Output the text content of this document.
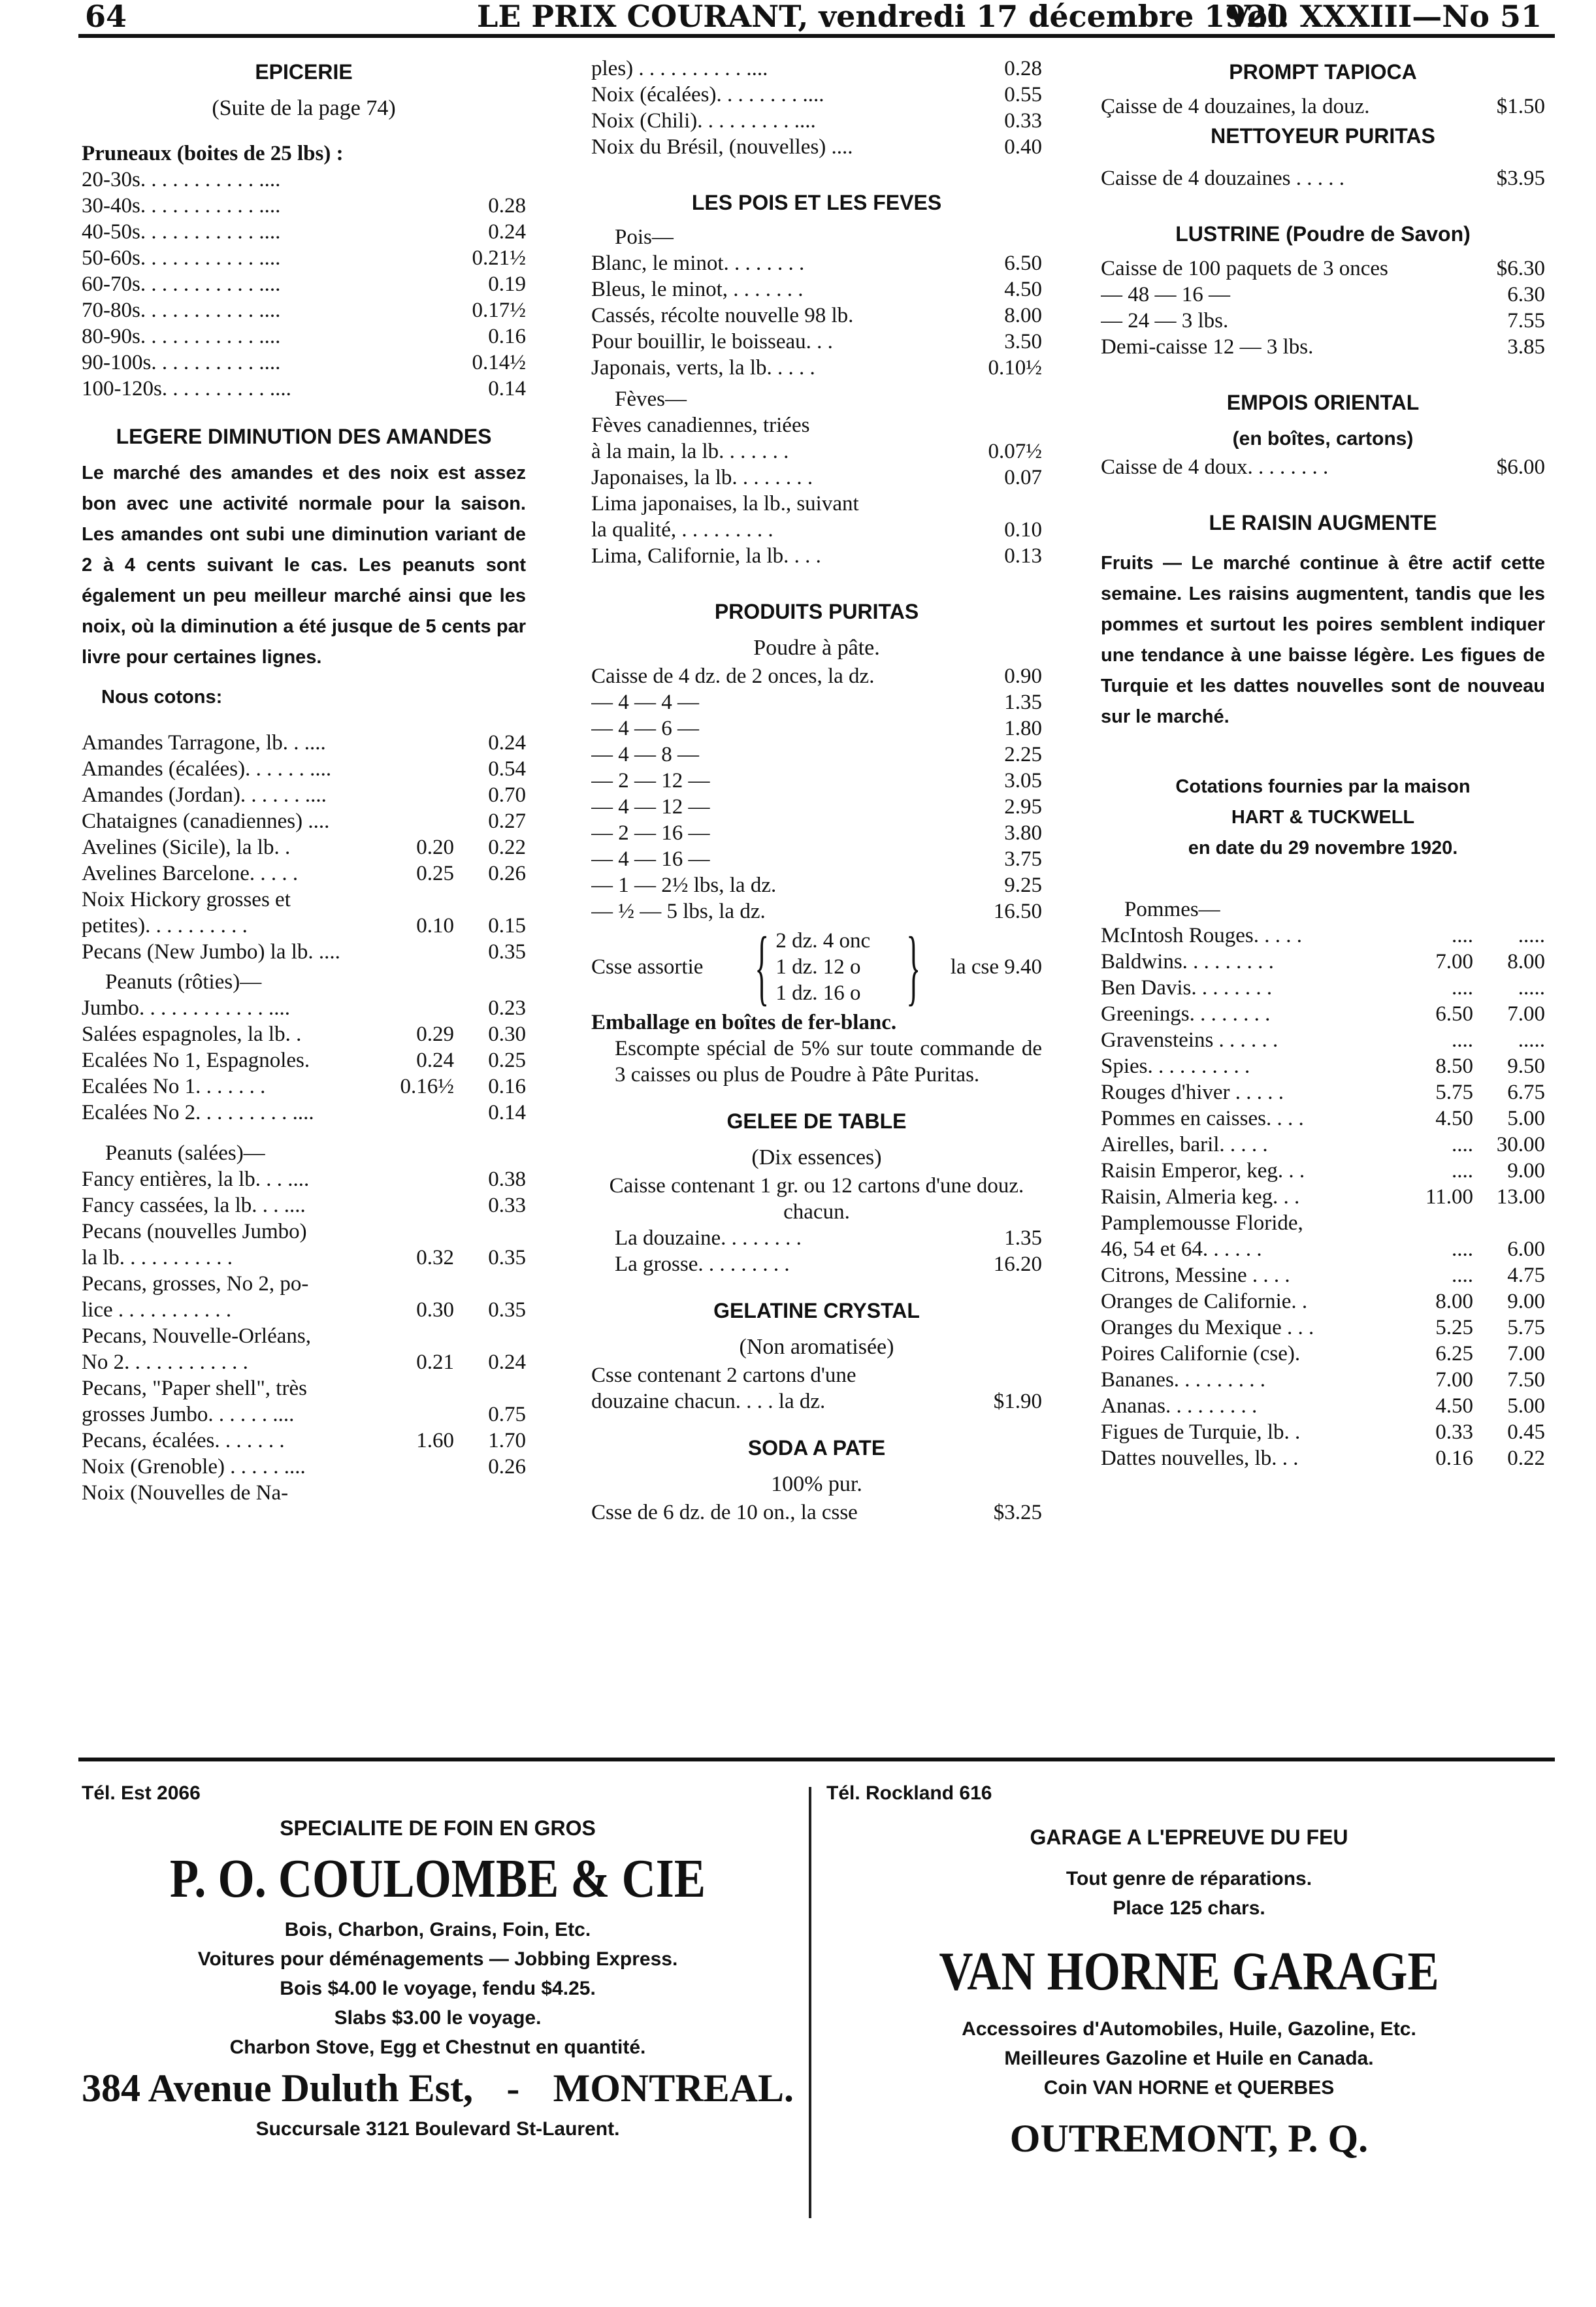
64	LE PRIX COURANT, vendredi 17 décembre 1920
Vol. XXXIII—No 51
EPICERIE
(Suite de la page 74)
Pruneaux (boites de 25 lbs) :
20-30s. . . . . . . . . . . ....
30-40s. . . . . . . . . . . ....	0.28
40-50s. . . . . . . . . . . ....	0.24
50-60s. . . . . . . . . . . ....	0.21½
60-70s. . . . . . . . . . . ....	0.19
70-80s. . . . . . . . . . . ....	0.17½
80-90s. . . . . . . . . . . ....	0.16
90-100s. . . . . . . . . . ....	0.14½
100-120s. . . . . . . . . . ....	0.14
LEGERE DIMINUTION DES AMANDES
Le marché des amandes et des noix est assez bon avec une activité normale pour la saison. Les amandes ont subi une diminution variant de 2 à 4 cents suivant le cas. Les peanuts sont également un peu meilleur marché ainsi que les noix, où la diminution a été jusque de 5 cents par livre pour certaines lignes.
Nous cotons:
Amandes Tarragone, lb. . ....	0.24
Amandes (écalées). . . . . . ....	0.54
Amandes (Jordan). . . . . . ....	0.70
Chataignes (canadiennes) ....	0.27
Avelines (Sicile), la lb. .	0.20	0.22
Avelines Barcelone. . . . .	0.25	0.26
Noix Hickory grosses et
petites). . . . . . . . . .	0.10	0.15
Pecans (New Jumbo) la lb. ....	0.35
Peanuts (rôties)—
Jumbo. . . . . . . . . . . . ....	0.23
Salées espagnoles, la lb. .	0.29	0.30
Ecalées No 1, Espagnoles.	0.24	0.25
Ecalées No 1. . . . . . .	0.16½	0.16
Ecalées No 2. . . . . . . . . ....	0.14
Peanuts (salées)—
Fancy entières, la lb. . . ....	0.38
Fancy cassées, la lb. . . ....	0.33
Pecans (nouvelles Jumbo)
la lb. . . . . . . . . . .	0.32	0.35
Pecans, grosses, No 2, po-
lice . . . . . . . . . . .	0.30	0.35
Pecans, Nouvelle-Orléans,
No 2. . . . . . . . . . . .	0.21	0.24
Pecans, "Paper shell", très
grosses Jumbo. . . . . . ....	0.75
Pecans, écalées. . . . . . .	1.60	1.70
Noix (Grenoble) . . . . . ....	0.26
Noix (Nouvelles de Na-
ples) . . . . . . . . . . ....	0.28
Noix (écalées). . . . . . . . ....	0.55
Noix (Chili). . . . . . . . . ....	0.33
Noix du Brésil, (nouvelles) ....	0.40
LES POIS ET LES FEVES
Pois—
Blanc, le minot. . . . . . . .	6.50
Bleus, le minot, . . . . . . .	4.50
Cassés, récolte nouvelle 98 lb.	8.00
Pour bouillir, le boisseau. . .	3.50
Japonais, verts, la lb. . . . .	0.10½
Fèves—
Fèves canadiennes, triées
à la main, la lb. . . . . . .	0.07½
Japonaises, la lb. . . . . . . .	0.07
Lima japonaises, la lb., suivant
la qualité, . . . . . . . . .	0.10
Lima, Californie, la lb. . . .	0.13
PRODUITS PURITAS
Poudre à pâte.
Caisse de 4 dz. de 2 onces, la dz.	0.90
— 4 — 4 —	1.35
— 4 — 6 —	1.80
— 4 — 8 —	2.25
— 2 — 12 —	3.05
— 4 — 12 —	2.95
— 2 — 16 —	3.80
— 4 — 16 —	3.75
— 1 — 2½ lbs, la dz.	9.25
— ½ — 5 lbs, la dz.	16.50
Csse assortie { 2 dz. 4 onc
1 dz. 12 o
1 dz. 16 o }	la cse 9.40
Emballage en boîtes de fer-blanc.
Escompte spécial de 5% sur toute commande de 3 caisses ou plus de Poudre à Pâte Puritas.
GELEE DE TABLE
(Dix essences)
Caisse contenant 1 gr. ou 12 cartons d'une douz. chacun.
La douzaine. . . . . . . .	1.35
La grosse. . . . . . . . .	16.20
GELATINE CRYSTAL
(Non aromatisée)
Csse contenant 2 cartons d'une
douzaine chacun. . . . la dz.	$1.90
SODA A PATE
100% pur.
Csse de 6 dz. de 10 on., la csse	$3.25
PROMPT TAPIOCA
Çaisse de 4 douzaines, la douz.	$1.50
NETTOYEUR PURITAS
Caisse de 4 douzaines . . . . .	$3.95
LUSTRINE (Poudre de Savon)
Caisse de 100 paquets de 3 onces	$6.30
— 48 — 16 —	6.30
— 24 — 3 lbs.	7.55
Demi-caisse 12 — 3 lbs.	3.85
EMPOIS ORIENTAL
(en boîtes, cartons)
Caisse de 4 doux. . . . . . . .	$6.00
LE RAISIN AUGMENTE
Fruits — Le marché continue à être actif cette semaine. Les raisins augmentent, tandis que les pommes et surtout les poires semblent indiquer une tendance à une baisse légère. Les figues de Turquie et les dattes nouvelles sont de nouveau sur le marché.
Cotations fournies par la maison
HART & TUCKWELL
en date du 29 novembre 1920.
Pommes—
McIntosh Rouges. . . . .	....	.....
Baldwins. . . . . . . . .	7.00	8.00
Ben Davis. . . . . . . .	....	.....
Greenings. . . . . . . .	6.50	7.00
Gravensteins . . . . . .	....	.....
Spies. . . . . . . . . .	8.50	9.50
Rouges d'hiver . . . . .	5.75	6.75
Pommes en caisses. . . .	4.50	5.00
Airelles, baril. . . . .	....	30.00
Raisin Emperor, keg. . .	....	9.00
Raisin, Almeria keg. . .	11.00	13.00
Pamplemousse Floride,
46, 54 et 64. . . . . .	....	6.00
Citrons, Messine . . . .	....	4.75
Oranges de Californie. .	8.00	9.00
Oranges du Mexique . . .	5.25	5.75
Poires Californie (cse).	6.25	7.00
Bananes. . . . . . . . .	7.00	7.50
Ananas. . . . . . . . .	4.50	5.00
Figues de Turquie, lb. .	0.33	0.45
Dattes nouvelles, lb. . .	0.16	0.22
Tél. Est 2066
SPECIALITE DE FOIN EN GROS
P. O. COULOMBE & CIE
Bois, Charbon, Grains, Foin, Etc.
Voitures pour déménagements — Jobbing Express.
Bois $4.00 le voyage, fendu $4.25.
Slabs $3.00 le voyage.
Charbon Stove, Egg et Chestnut en quantité.
384 Avenue Duluth Est, - MONTREAL.
Succursale 3121 Boulevard St-Laurent.
Tél. Rockland 616
GARAGE A L'EPREUVE DU FEU
Tout genre de réparations.
Place 125 chars.
VAN HORNE GARAGE
Accessoires d'Automobiles, Huile, Gazoline, Etc.
Meilleures Gazoline et Huile en Canada.
Coin VAN HORNE et QUERBES
OUTREMONT, P. Q.
